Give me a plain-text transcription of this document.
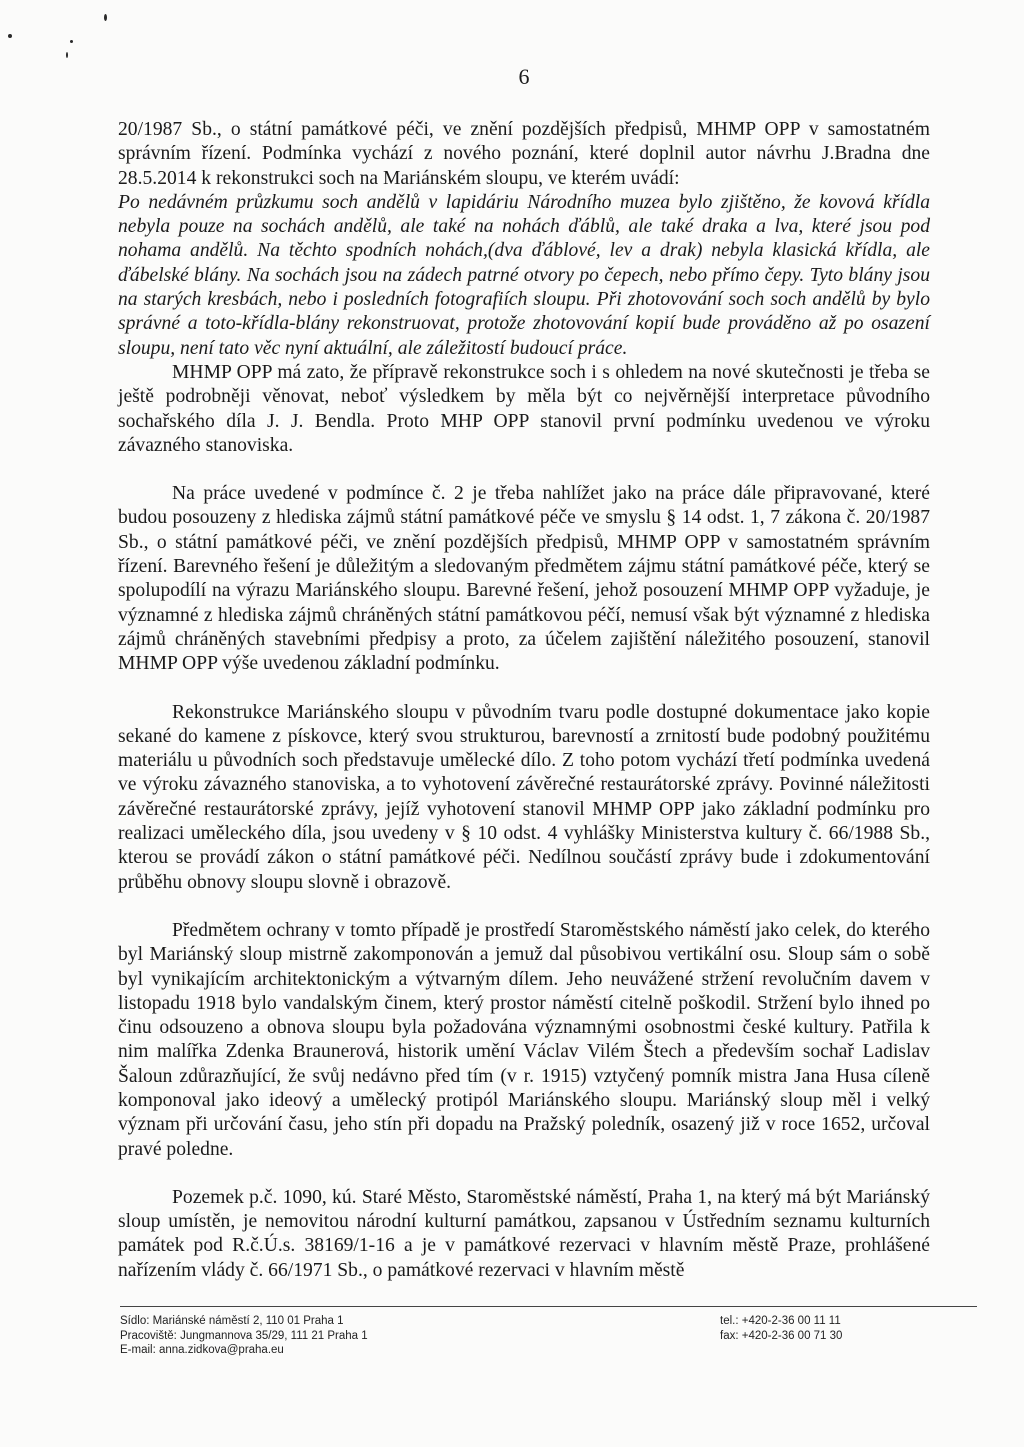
6

20/1987 Sb., o státní památkové péči, ve znění pozdějších předpisů, MHMP OPP v samostatném správním řízení. Podmínka vychází z nového poznání, které doplnil autor návrhu J.Bradna dne 28.5.2014 k rekonstrukci soch na Mariánském sloupu, ve kterém uvádí:

Po nedávném průzkumu soch andělů v lapidáriu Národního muzea bylo zjištěno, že kovová křídla nebyla pouze na sochách andělů, ale také na nohách ďáblů, ale také draka a lva, které jsou pod nohama andělů. Na těchto spodních nohách,(dva ďáblové, lev a drak) nebyla klasická křídla, ale ďábelské blány. Na sochách jsou na zádech patrné otvory po čepech, nebo přímo čepy. Tyto blány jsou na starých kresbách, nebo i posledních fotografiích sloupu. Při zhotovování soch soch andělů by bylo správné a toto-křídla-blány rekonstruovat, protože zhotovování kopií bude prováděno až po osazení sloupu, není tato věc nyní aktuální, ale záležitostí budoucí práce.

MHMP OPP má zato, že přípravě rekonstrukce soch i s ohledem na nové skutečnosti je třeba se ještě podrobněji věnovat, neboť výsledkem by měla být co nejvěrnější interpretace původního sochařského díla J. J. Bendla. Proto MHP OPP stanovil první podmínku uvedenou ve výroku závazného stanoviska.

Na práce uvedené v podmínce č. 2 je třeba nahlížet jako na práce dále připravované, které budou posouzeny z hlediska zájmů státní památkové péče ve smyslu § 14 odst. 1, 7 zákona č. 20/1987 Sb., o státní památkové péči, ve znění pozdějších předpisů, MHMP OPP v samostatném správním řízení. Barevného řešení je důležitým a sledovaným předmětem zájmu státní památkové péče, který se spolupodílí na výrazu Mariánského sloupu. Barevné řešení, jehož posouzení MHMP OPP vyžaduje, je významné z hlediska zájmů chráněných státní památkovou péčí, nemusí však být významné z hlediska zájmů chráněných stavebními předpisy a proto, za účelem zajištění náležitého posouzení, stanovil MHMP OPP výše uvedenou základní podmínku.

Rekonstrukce Mariánského sloupu v původním tvaru podle dostupné dokumentace jako kopie sekané do kamene z pískovce, který svou strukturou, barevností a zrnitostí bude podobný použitému materiálu u původních soch představuje umělecké dílo. Z toho potom vychází třetí podmínka uvedená ve výroku závazného stanoviska, a to vyhotovení závěrečné restaurátorské zprávy. Povinné náležitosti závěrečné restaurátorské zprávy, jejíž vyhotovení stanovil MHMP OPP jako základní podmínku pro realizaci uměleckého díla, jsou uvedeny v § 10 odst. 4 vyhlášky Ministerstva kultury č. 66/1988 Sb., kterou se provádí zákon o státní památkové péči. Nedílnou součástí zprávy bude i zdokumentování průběhu obnovy sloupu slovně i obrazově.

Předmětem ochrany v tomto případě je prostředí Staroměstského náměstí jako celek, do kterého byl Mariánský sloup mistrně zakomponován a jemuž dal působivou vertikální osu. Sloup sám o sobě byl vynikajícím architektonickým a výtvarným dílem. Jeho neuvážené stržení revolučním davem v listopadu 1918 bylo vandalským činem, který prostor náměstí citelně poškodil. Stržení bylo ihned po činu odsouzeno a obnova sloupu byla požadována významnými osobnostmi české kultury. Patřila k nim malířka Zdenka Braunerová, historik umění Václav Vilém Štech a především sochař Ladislav Šaloun zdůrazňující, že svůj nedávno před tím (v r. 1915) vztyčený pomník mistra Jana Husa cíleně komponoval jako ideový a umělecký protipól Mariánského sloupu. Mariánský sloup měl i velký význam při určování času, jeho stín při dopadu na Pražský poledník, osazený již v roce 1652, určoval pravé poledne.

Pozemek p.č. 1090, kú. Staré Město, Staroměstské náměstí, Praha 1, na který má být Mariánský sloup umístěn, je nemovitou národní kulturní památkou, zapsanou v Ústředním seznamu kulturních památek pod R.č.Ú.s. 38169/1-16 a je v památkové rezervaci v hlavním městě Praze, prohlášené nařízením vlády č. 66/1971 Sb., o památkové rezervaci v hlavním městě

Sídlo: Mariánské náměstí 2, 110 01 Praha 1
Pracoviště: Jungmannova 35/29, 111 21 Praha 1
E-mail: anna.zidkova@praha.eu
tel.: +420-2-36 00 11 11
fax: +420-2-36 00 71 30
